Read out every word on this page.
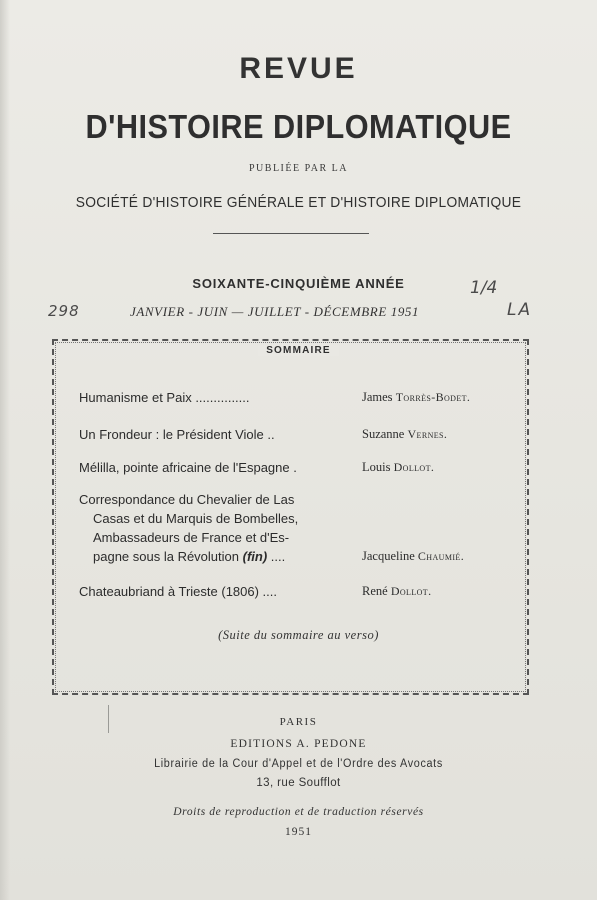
REVUE
D'HISTOIRE DIPLOMATIQUE
PUBLIÉE PAR LA
SOCIÉTÉ D'HISTOIRE GÉNÉRALE ET D'HISTOIRE DIPLOMATIQUE
SOIXANTE-CINQUIÈME ANNÉE
JANVIER - JUIN — JUILLET - DÉCEMBRE 1951
298
1/4
LA
SOMMAIRE
Humanisme et Paix ...............	James Torrès-Bodet.
Un Frondeur : le Président Viole ..	Suzanne Vernes.
Mélilla, pointe africaine de l'Espagne .	Louis Dollot.
Correspondance du Chevalier de Las
Casas et du Marquis de Bombelles,
Ambassadeurs de France et d'Es-
pagne sous la Révolution (fin) ....	Jacqueline Chaumié.
Chateaubriand à Trieste (1806) ....	René Dollot.
(Suite du sommaire au verso)
PARIS
EDITIONS A. PEDONE
Librairie de la Cour d'Appel et de l'Ordre des Avocats
13, rue Soufflot
Droits de reproduction et de traduction réservés
1951
